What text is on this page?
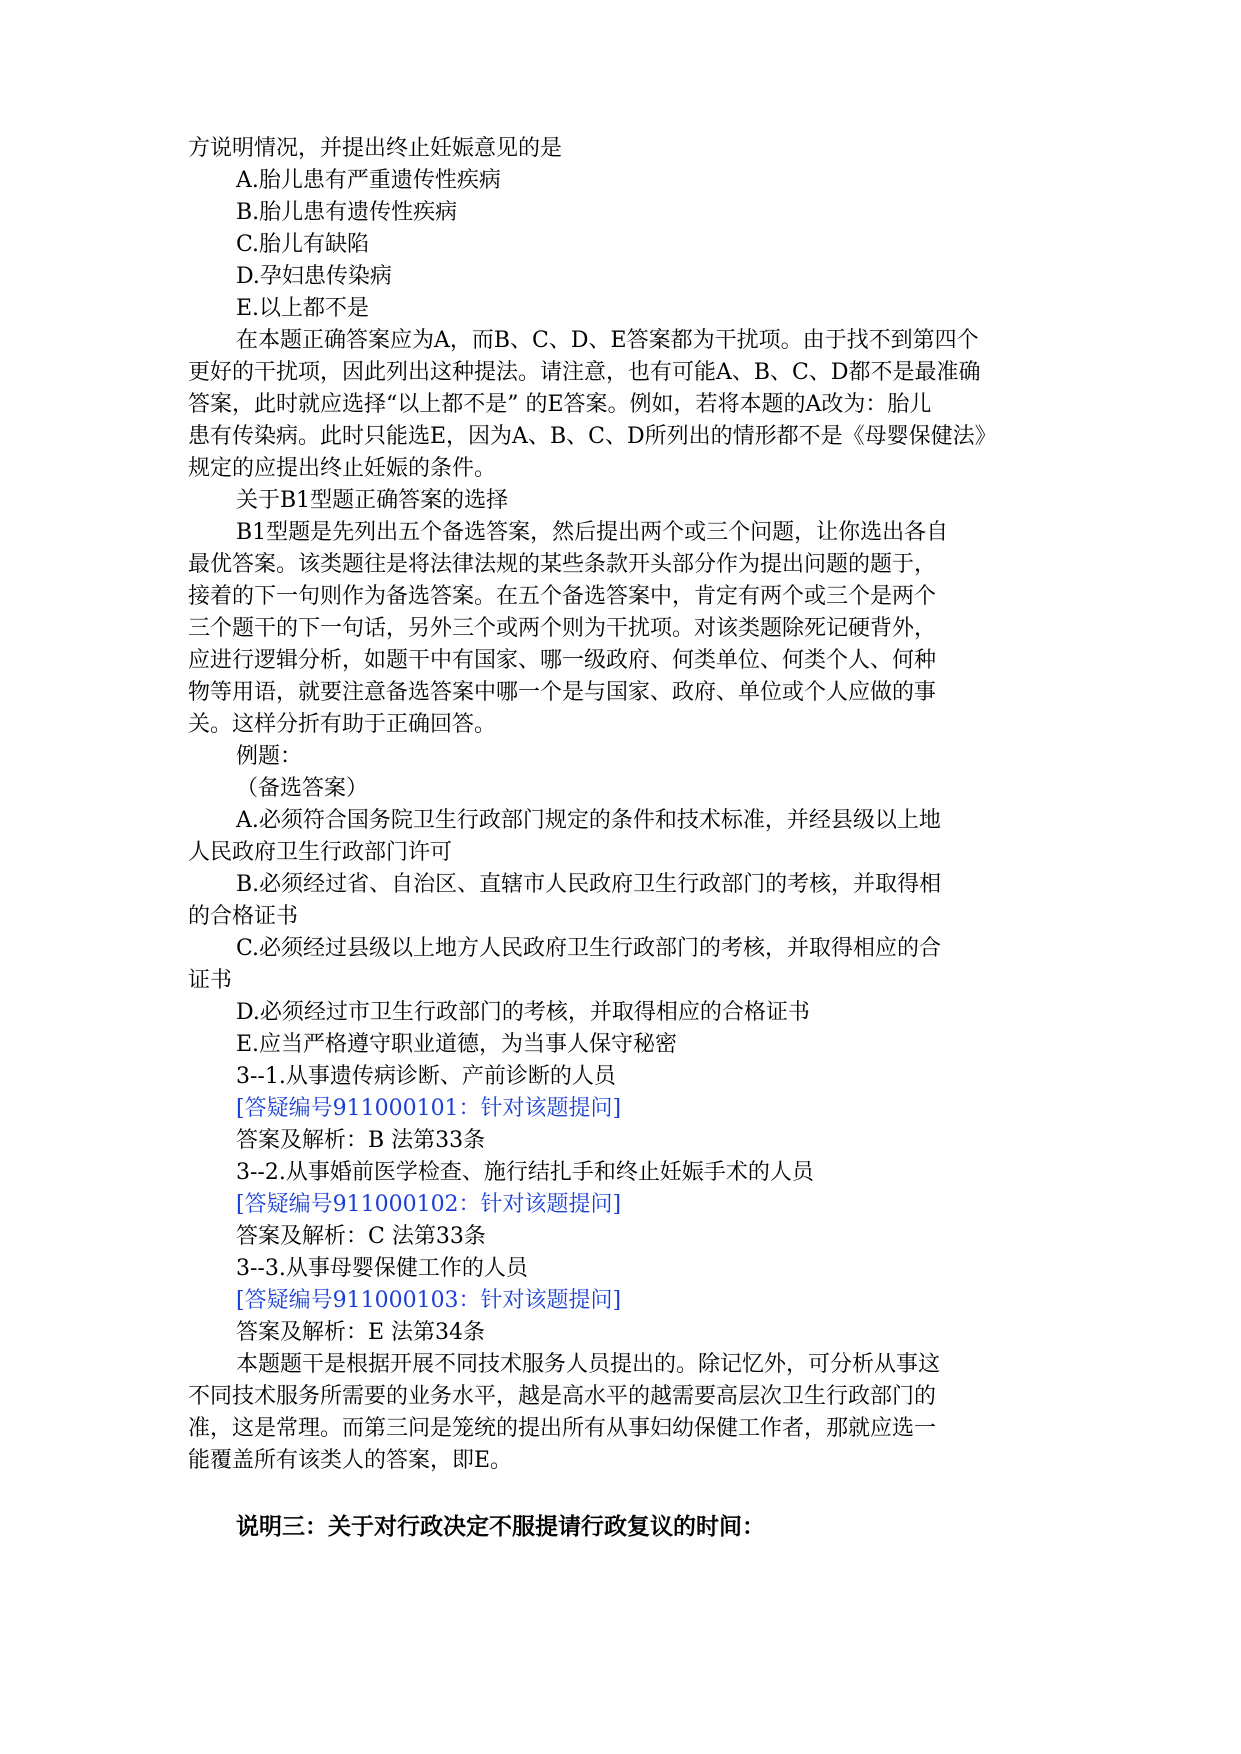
方说明情况，并提出终止妊娠意见的是
A.胎儿患有严重遗传性疾病
B.胎儿患有遗传性疾病
C.胎儿有缺陷
D.孕妇患传染病
E.以上都不是
在本题正确答案应为A，而B、C、D、E答案都为干扰项。由于找不到第四个
更好的干扰项，因此列出这种提法。请注意，也有可能A、B、C、D都不是最准确
答案，此时就应选择“以上都不是” 的E答案。例如，若将本题的A改为：胎儿
患有传染病。此时只能选E，因为A、B、C、D所列出的情形都不是《母婴保健法》
规定的应提出终止妊娠的条件。
关于B1型题正确答案的选择
B1型题是先列出五个备选答案，然后提出两个或三个问题，让你选出各自
最优答案。该类题往是将法律法规的某些条款开头部分作为提出问题的题于，
接着的下一句则作为备选答案。在五个备选答案中，肯定有两个或三个是两个
三个题干的下一句话，另外三个或两个则为干扰项。对该类题除死记硬背外，
应进行逻辑分析，如题干中有国家、哪一级政府、何类单位、何类个人、何种
物等用语，就要注意备选答案中哪一个是与国家、政府、单位或个人应做的事
关。这样分折有助于正确回答。
例题：
（备选答案）
A.必须符合国务院卫生行政部门规定的条件和技术标准，并经县级以上地
人民政府卫生行政部门许可
B.必须经过省、自治区、直辖市人民政府卫生行政部门的考核，并取得相
的合格证书
C.必须经过县级以上地方人民政府卫生行政部门的考核，并取得相应的合
证书
D.必须经过市卫生行政部门的考核，并取得相应的合格证书
E.应当严格遵守职业道德，为当事人保守秘密
3--1.从事遗传病诊断、产前诊断的人员
[答疑编号911000101：针对该题提问]
答案及解析：B 法第33条
3--2.从事婚前医学检查、施行结扎手和终止妊娠手术的人员
[答疑编号911000102：针对该题提问]
答案及解析：C 法第33条
3--3.从事母婴保健工作的人员
[答疑编号911000103：针对该题提问]
答案及解析：E 法第34条
本题题干是根据开展不同技术服务人员提出的。除记忆外，可分析从事这
不同技术服务所需要的业务水平，越是高水平的越需要高层次卫生行政部门的
准，这是常理。而第三问是笼统的提出所有从事妇幼保健工作者，那就应选一
能覆盖所有该类人的答案，即E。
说明三：关于对行政决定不服提请行政复议的时间：
